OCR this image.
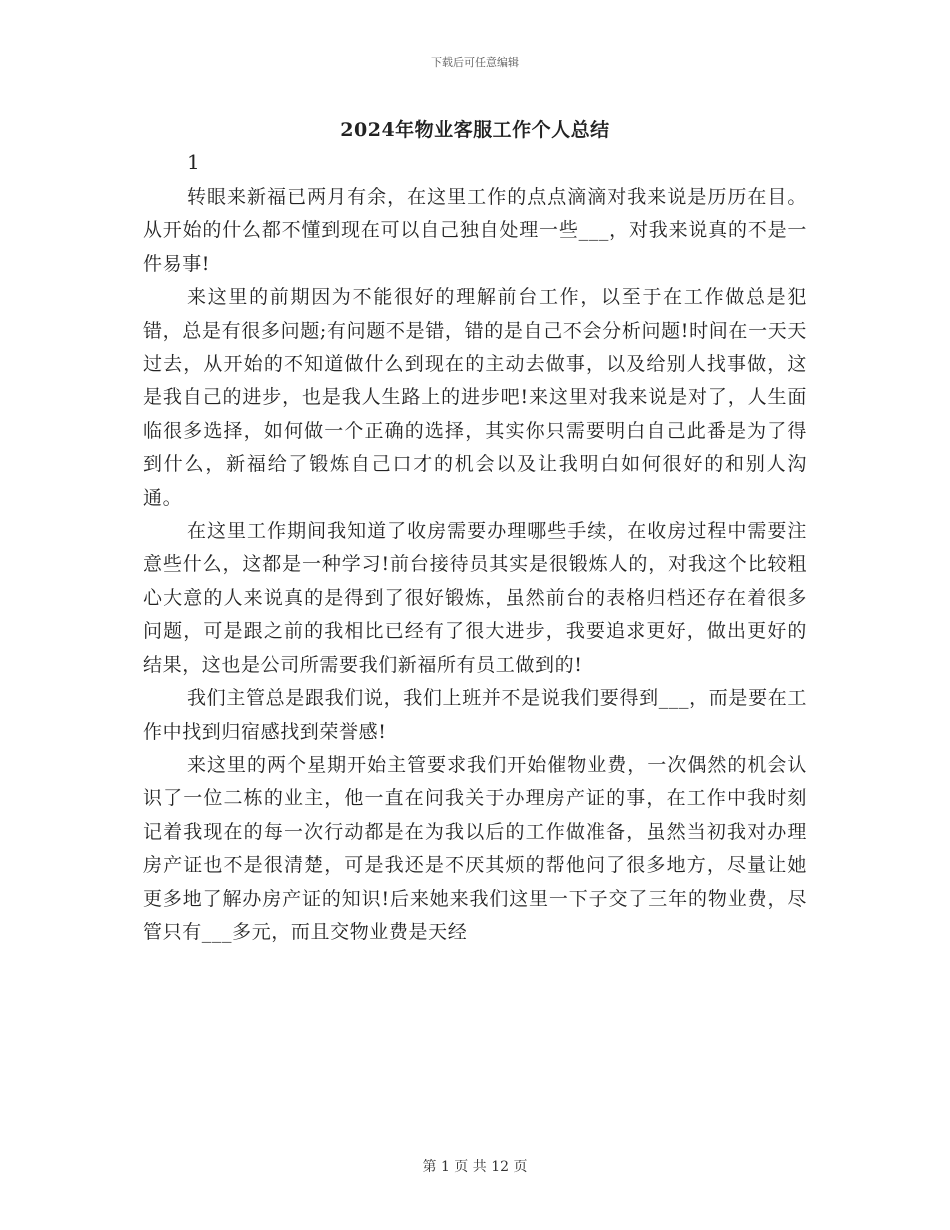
下载后可任意编辑
2024年物业客服工作个人总结
1

转眼来新福已两月有余，在这里工作的点点滴滴对我来说是历历在目。从开始的什么都不懂到现在可以自己独自处理一些___，对我来说真的不是一件易事!

来这里的前期因为不能很好的理解前台工作，以至于在工作做总是犯错，总是有很多问题;有问题不是错，错的是自己不会分析问题!时间在一天天过去，从开始的不知道做什么到现在的主动去做事，以及给别人找事做，这是我自己的进步，也是我人生路上的进步吧!来这里对我来说是对了，人生面临很多选择，如何做一个正确的选择，其实你只需要明白自己此番是为了得到什么，新福给了锻炼自己口才的机会以及让我明白如何很好的和别人沟通。

在这里工作期间我知道了收房需要办理哪些手续，在收房过程中需要注意些什么，这都是一种学习!前台接待员其实是很锻炼人的，对我这个比较粗心大意的人来说真的是得到了很好锻炼，虽然前台的表格归档还存在着很多问题，可是跟之前的我相比已经有了很大进步，我要追求更好，做出更好的结果，这也是公司所需要我们新福所有员工做到的!

我们主管总是跟我们说，我们上班并不是说我们要得到___，而是要在工作中找到归宿感找到荣誉感!

来这里的两个星期开始主管要求我们开始催物业费，一次偶然的机会认识了一位二栋的业主，他一直在问我关于办理房产证的事，在工作中我时刻记着我现在的每一次行动都是在为我以后的工作做准备，虽然当初我对办理房产证也不是很清楚，可是我还是不厌其烦的帮他问了很多地方，尽量让她更多地了解办房产证的知识!后来她来我们这里一下子交了三年的物业费，尽管只有___多元，而且交物业费是天经

第 1 页 共 12 页
